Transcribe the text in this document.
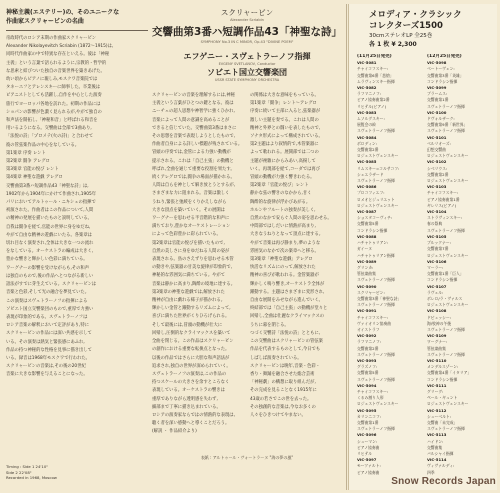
神秘主義(エステリー)の、そのユニークな
作曲家スクリャービンの名曲
帝政時代のロシア末期の作曲家スクリャービン
Alexander Nikolayevitch Scriabin (1872〜1915)は,
同時代作曲家の中で特異な存在といえる。彼は「神秘
主義」という言葉で語られるように,宗教的・哲学的
な思索と結びついた独自の音楽世界を築きあげた。
幼い頃からピアノに親しみ,モスクワ音楽院では
タネーエフとアレンスキーに師事した。卒業後は
ピアニストとしても活躍し,自作を中心とした演奏
旅行でヨーロッパ各地を訪れた。初期の作品には
ショパンの影響が色濃く見られるが,やがて独自の
和声法を開拓し,「神秘和音」と呼ばれる和音を
用いるようになる。交響曲は全部で3曲あり,
「法悦の詩」「プロメテ(火の詩)」と合わせて
彼の管弦楽作品の中心をなしている。
第1楽章 序奏 レント
第2楽章 闘争 アレグロ
第3楽章 官能の悦び レント
第4楽章 神聖な遊戯 アレグロ
交響曲第3番ハ短調作品43「神聖な詩」は,
1902年から1904年にかけて作曲され,1905年
パリにおいてアルトゥール・ニキシュの指揮で
初演された。作曲者はこの作品について,人間
の精神の発展を描いたものと説明している。
自我は闘争を経て,官能の世界に身をゆだね,
やがて自由な精神の遊戯にいたる。各楽章は
切れ目なく演奏され,全体は大きな一つの流れ
をなしている。オーケストラの編成は大きく,
豊かな響きと輝かしい色彩に満ちている。
ワーグナーの影響を受けながらも,その和声
は独自のもので,後の作品へとつながる新しい
語法がすでに芽生えている。スクリャービンは
音楽と色彩,そして光の融合を夢見ていた。
この演奏はスヴェトラーノフの指揮による
ソビエト国立交響楽団のもので,重厚で力強い
表現が印象的である。スヴェトラーノフは
ロシア音楽の解釈において定評があり,特に
スクリャービンの作品には深い共感を示して
いる。その演奏は熱気と緊張感にあふれ,
作品の持つ神秘的な性格を見事に描き出して
いる。録音は1968年モスクワで行われた。
スクリャービンの音楽は,その後の20世紀
音楽に大きな影響を与えることになった。
Timing : Side 1 24'10"
Side 2 22'08"
Recorded in 1968, Moscow
スクリャービン
Alexander Scriabin
交響曲第3番ハ短調作品43「神聖な詩」
SYMPHONY No.3 IN C MINOR, Op.43 "DIVINE POEM"
エフゲニー・スヴェトラーノフ指揮
EVGENY SVETLANOV, Conductor
ソビエト国立交響楽団
USSR STATE SYMPHONY ORCHESTRA
スクリャービンの音楽を理解するには,神秘
主義という言葉がひとつの鍵となる。彼は
ニーチェの超人思想や神智学に強くひかれ,
音楽によって人間の意識を高めることが
できると信じていた。交響曲第3番はまさに
その思想を音楽で表現しようとしたもので,
作曲者自身による詳しい標題が残されている。
冒頭の序奏では,金管による力強い動機が
提示される。これは「自己主張」の動機と
呼ばれ,全曲を通じて重要な役割を果たす。
続くアレグロでは,闘争の場面が描かれる。
人間は自らを神として解き放とうとするが,
さまざまな力に阻まれる。音楽は激しく
うねり,緊張と弛緩をくりかえしながら
大きな頂点を築いていく。その展開は
ワーグナーを思わせる半音階的な和声に
満ちており,豊かなオーケストレーション
によって色彩豊かに彩られている。
第2楽章は官能の悦びを描いたもので,
自然の美しさに身をゆだねる人間の姿が
表現される。鳥のさえずりを思わせる木管
の動きや,弦楽器の甘美な旋律が印象的で,
神秘的な雰囲気に満ちている。やがて
音楽は静かに高まり,陶酔の境地に達する。
第3楽章の神聖な遊戯では,解放された
精神が自由に戯れる様子が描かれる。
輝かしい金管と躍動するリズムによって,
喜びに満ちた世界がくりひろげられる。
そして最後には,冒頭の動機が壮大に
回帰し,圧倒的なクライマックスを築いて
全曲を閉じる。この作品はスクリャービン
の創作における重要な転換点となった。
以後の作品ではさらに大胆な和声語法が
追求され,独自の世界が深められていく。
スヴェトラーノフの演奏は,この作品の
持つスケールの大きさを余すところなく
表現している。オーケストラの響きは
重厚でありながら透明感を失わず,
細部まで丁寧に描き込まれている。
ロシアの演奏家ならではの情熱的な表現は,
聴く者を深い感動へと導くことだろう。
(解説 ・ 作品紹介より)
の関係は大きな意味をもっている。
第1楽章「闘争」レント〜アレグロ
序奏に続いて主部に入ると,弦楽器が
激しい主題を奏でる。これは人間の
精神と外界との闘いを表したもので,
ソナタ形式によって構成されている。
第2主題はより叙情的で,木管楽器に
よって歌われる。展開部では二つの
主題が複雑にからみあい,高揚して
いく。再現部を経て,コーダでは再び
冒頭の動機が力強く響きわたる。
第2楽章「官能の悦び」レント
静かな弦の響きのなかから,甘く
陶酔的な旋律が浮かびあがる。
ホルンやフルートの独奏が美しく,
自然のなかで安らぐ人間の姿を思わせる。
中間部ではしだいに情熱が高まり,
大きなうねりとなって頂点に達する。
やがて音楽は再び静まり,夢のような
雰囲気のなかで次の楽章へと移る。
第3楽章「神聖な遊戯」アレグロ
快活なリズムにのって,解放された
精神の喜びが歌われる。金管楽器が
輝かしく鳴り響き,オーケストラ全体が
躍動する。主題はさまざまに変形され,
自由な展開をみせながら進んでいく。
終結部では「自己主張」の動機が堂々と
回帰し,全曲は壮麗なクライマックスの
うちに幕を閉じる。
つづく交響詩「法悦の詩」とともに,
この交響曲はスクリャービンの管弦楽
作品を代表するものとして,今日でも
しばしば演奏されている。
スクリャービンは晩年,音楽・色彩・
香り・舞踊を融合させた総合芸術
「神秘劇」の構想に取り組んだが,
その完成を見ることなく1915年に
43歳の若さでこの世を去った。
その独創的な音楽は,今なお多くの
人々をひきつけてやまない。
表紙 : アルトゥール・ヴォートラーヌ "海の夢の風"
メロディア・クラシック
コレクターズ1500
30cmステレオLP 全25巻
各 1 枚 ¥ 2,300
(11月25日発売)
VIC-5081
チャイコフスキー:
交響曲第6番「悲愴」
ムラヴィンスキー指揮
VIC-5082
ラフマニノフ:
ピアノ協奏曲第2番
リヒテル(ピアノ)
VIC-5083
ムソルグスキー:
展覧会の絵
スヴェトラーノフ指揮
VIC-5084
ボロディン:
交響曲第2番
ロジェストヴェンスキー
VIC-5085
リムスキー=コルサコフ:
シェエラザード
スヴェトラーノフ指揮
VIC-5086
プロコフィエフ:
ロメオとジュリエット
ロジェストヴェンスキー
VIC-5087
ショスタコーヴィチ:
交響曲第5番
コンドラシン指揮
VIC-5088
ハチャトゥリアン:
ガイーヌ
ハチャトゥリアン指揮
VIC-5089
グリンカ:
管弦楽曲集
スヴェトラーノフ指揮
VIC-5090
スクリャービン:
交響曲第3番「神聖な詩」
スヴェトラーノフ指揮
VIC-5091
チャイコフスキー:
ヴァイオリン協奏曲
オイストラフ
VIC-5092
ラフマニノフ:
交響曲第2番
スヴェトラーノフ指揮
VIC-5093
グラズノフ:
交響曲第5番
スヴェトラーノフ指揮
VIC-5094
チャイコフスキー:
くるみ割り人形
ロジェストヴェンスキー
VIC-5095
カリンニコフ:
交響曲第1番
スヴェトラーノフ指揮
VIC-5096
シューマン:
ピアノ協奏曲
リヒテル
VIC-5097
モーツァルト:
ピアノ協奏曲
(12月25日発売)
VIC-5098
ベートーヴェン:
交響曲第3番「英雄」
コンドラシン指揮
VIC-5099
ブラームス:
交響曲第1番
スヴェトラーノフ指揮
VIC-5100
ドヴォルザーク:
交響曲第9番「新世界」
スヴェトラーノフ指揮
VIC-5101
ベルリオーズ:
幻想交響曲
ロジェストヴェンスキー
VIC-5102
シベリウス:
交響曲第2番
ロジェストヴェンスキー
VIC-5103
チャイコフスキー:
ピアノ協奏曲第1番
ギレリス(ピアノ)
VIC-5104
ストラヴィンスキー:
春の祭典
スヴェトラーノフ指揮
VIC-5105
ブルックナー:
交響曲第7番
ロジェストヴェンスキー
VIC-5106
マーラー:
交響曲第1番「巨人」
コンドラシン指揮
VIC-5107
ラヴェル:
ボレロ/ラ・ヴァルス
ロジェストヴェンスキー
VIC-5108
ドビュッシー:
海/牧神の午後
スヴェトラーノフ指揮
VIC-5109
ワーグナー:
管弦楽曲集
スヴェトラーノフ指揮
VIC-5110
メンデルスゾーン:
交響曲第4番「イタリア」
コンドラシン指揮
VIC-5111
グリーグ:
ペール・ギュント
ロジェストヴェンスキー
VIC-5112
シューベルト:
交響曲「未完成」
スヴェトラーノフ指揮
VIC-5113
ハイドン:
交響曲集
バルシャイ指揮
VIC-5114
ヴィヴァルディ:
四季
Snow Records Japan
